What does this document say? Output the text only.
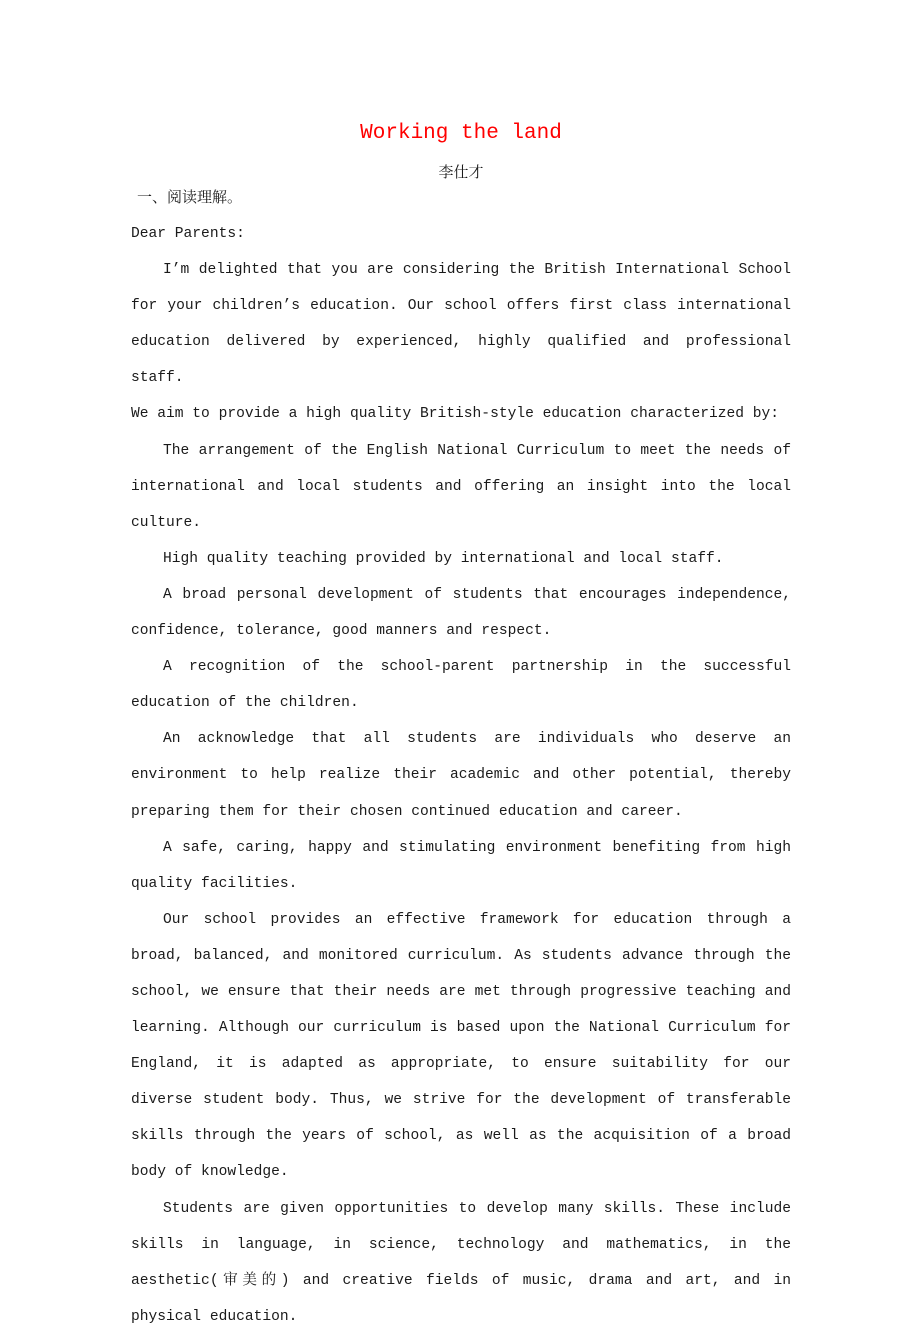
Working the land
李仕才
一、阅读理解。

Dear Parents:

I’m delighted that you are considering the British International School for your children’s education. Our school offers first class international education delivered by experienced, highly qualified and professional staff.

We aim to provide a high quality British-style education characterized by:

The arrangement of the English National Curriculum to meet the needs of international and local students and offering an insight into the local culture.

High quality teaching provided by international and local staff.

A broad personal development of students that encourages independence, confidence, tolerance, good manners and respect.

A recognition of the school-parent partnership in the successful education of the children.

An acknowledge that all students are individuals who deserve an environment to help realize their academic and other potential, thereby preparing them for their chosen continued education and career.

A safe, caring, happy and stimulating environment benefiting from high quality facilities.

Our school provides an effective framework for education through a broad, balanced, and monitored curriculum. As students advance through the school, we ensure that their needs are met through progressive teaching and learning. Although our curriculum is based upon the National Curriculum for England, it is adapted as appropriate, to ensure suitability for our diverse student body. Thus, we strive for the development of transferable skills through the years of school, as well as the acquisition of a broad body of knowledge.

Students are given opportunities to develop many skills. These include skills in language, in science, technology and mathematics, in the aesthetic(审美的) and creative fields of music, drama and art, and in physical education.
